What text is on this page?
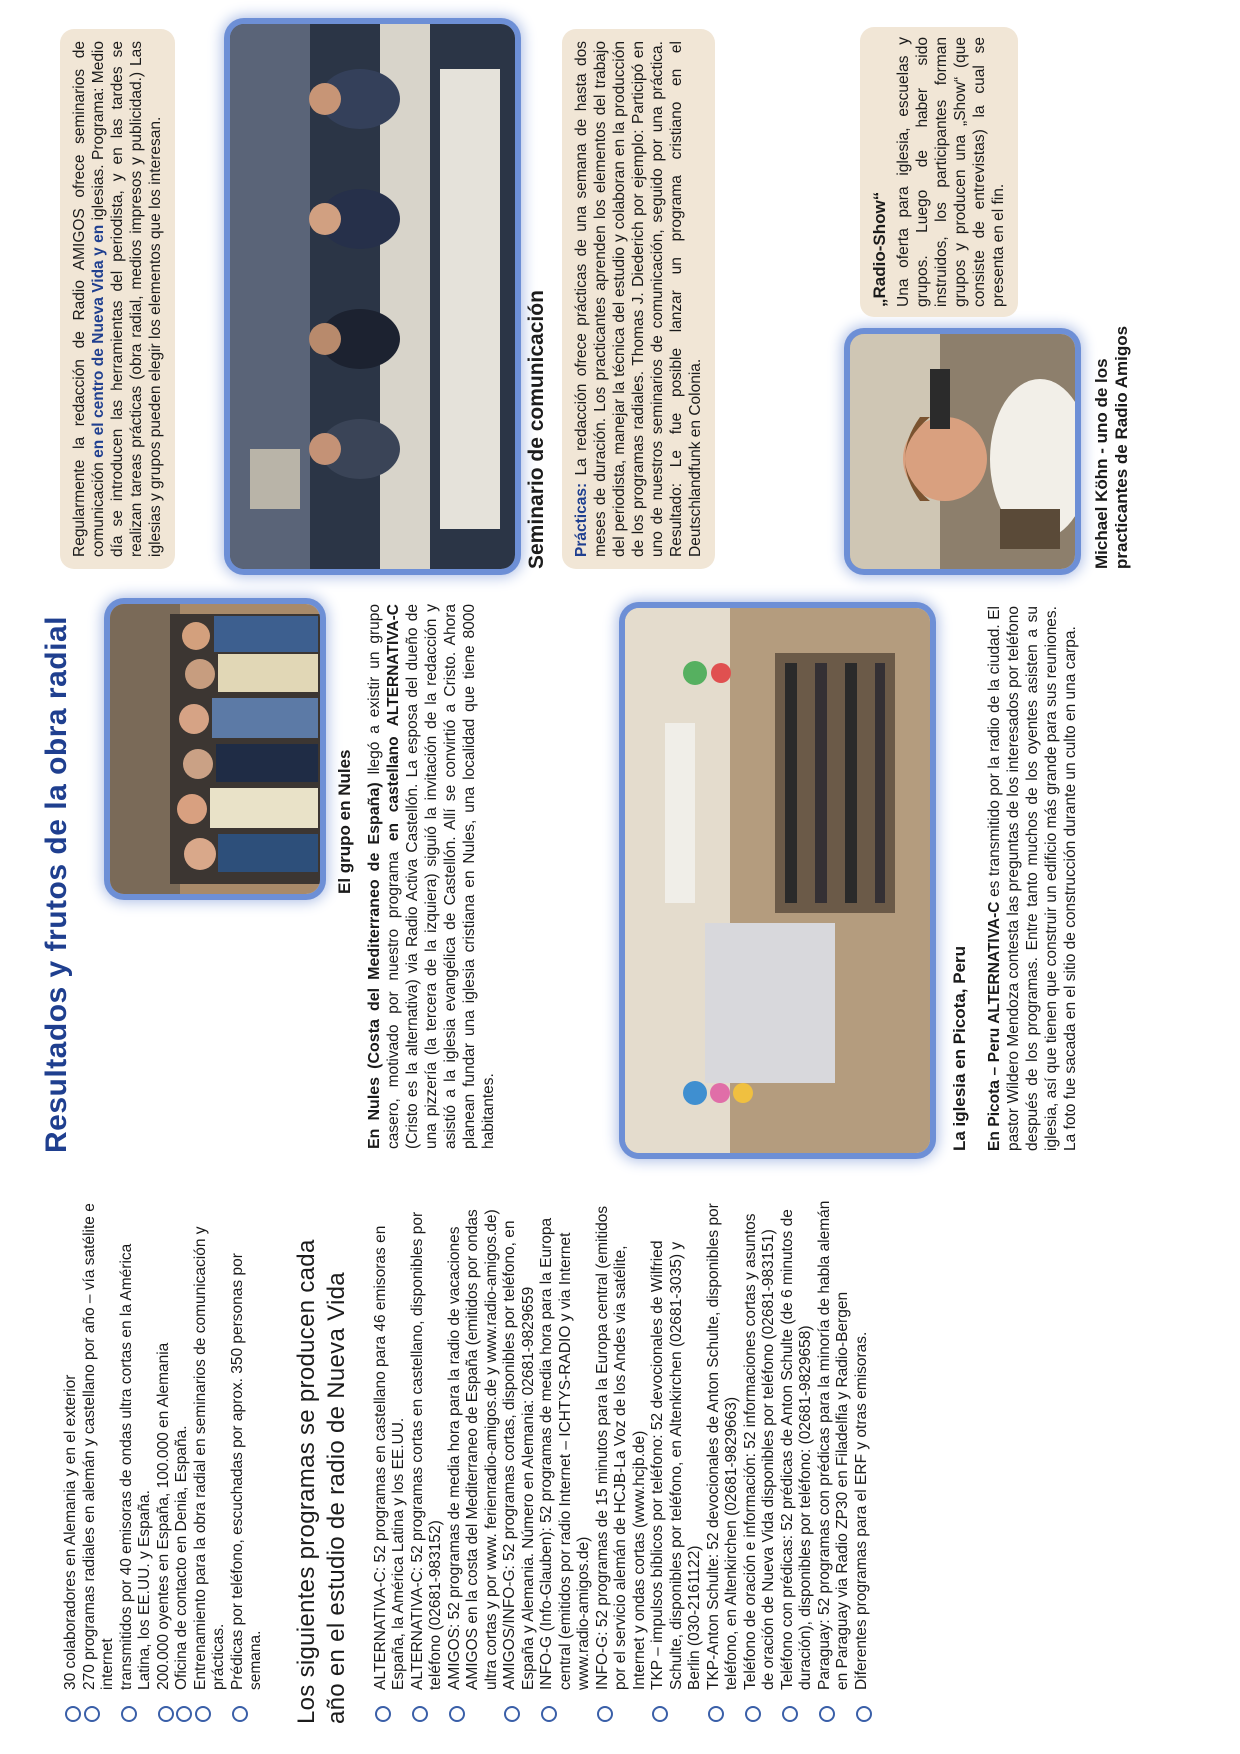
30 colaboradores en Alemania y en el exterior 270 programas radiales en alemán y castellano por año – vía satélite e internet transmitidos por 40 emisoras de ondas ultra cortas en la América Latina, los EE.UU. y España. 200.000 oyentes en España, 100.000 en Alemania Oficina de contacto en Denia, España. Entrenamiento para la obra radial en seminarios de comunicación y prácticas. Prédicas por teléfono, escuchadas por aprox. 350 personas por semana. Los siguientes programas se producen cada año en el estudio de radio de Nueva Vida ALTERNATIVA-C: 52 programas en castellano para 46 emisoras en España, la América Latina y los EE.UU. ALTERNATIVA-C: 52 programas cortas en castellano, disponibles por teléfono (02681-983152) AMIGOS: 52 programas de media hora para la radio de vacaciones AMIGOS en la costa del Mediterraneo de España (emitidos por ondas ultra cortas y por www. ferienradio-amigos.de y www.radio-amigos.de) AMIGOS/INFO-G: 52 programas cortas, disponibles por teléfono, en España y Alemania. Número en Alemania: 02681-9829659 INFO-G (Info-Glauben): 52 programas de media hora para la Europa central (emitidos por radio Internet – ICHTYS-RADIO y via Internet www.radio-amigos.de) INFO-G: 52 programas de 15 minutos para la Europa central (emitidos por el servicio alemán de HCJB-La Voz de los Andes via satélite, Internet y ondas cortas (www.hcjb.de) TKP – impulsos bíblicos por teléfono: 52 devocionales de Wilfried Schulte, disponibles por teléfono, en Altenkirchen (02681-3035) y Berlin (030-2161122) TKP-Anton Schulte: 52 devocionales de Anton Schulte, disponibles por teléfono, en Altenkirchen (02681-9829663) Teléfono de oración e información: 52 informaciones cortas y asuntos de oración de Nueva Vida disponibles por teléfono (02681-983151) Teléfono con prédicas: 52 prédicas de Anton Schulte (de 6 minutos de duración), disponibles por teléfono: (02681-9829658) Paraguay: 52 programas con prédicas para la minoría de habla alemán en Paraguay via Radio ZP30 en Filadelfia y Radio-Bergen Diferentes programas para el ERF y otras emisoras.
Resultados y frutos de la obra radial	El grupo en Nules En Nules (Costa del Mediterraneo de España) llegó a existir un grupo casero, motivado por nuestro programa en castellano ALTERNATIVA-C (Cristo es la alternativa) via Radio Activa Castellón. La esposa del dueño de una pizzería (la tercera de la izquiera) siguió la invitación de la redacción y asistió a la iglesia evangélica de Castellón. Allí se convirtió a Cristo. Ahora planean fundar una iglesia cristiana en Nules, una localidad que tiene 8000 habitantes.	La iglesia en Picota, Peru En Picota – Peru ALTERNATIVA-C es transmitido por la radio de la ciudad. El pastor Wildero Mendoza contesta las preguntas de los interesados por teléfono después de los programas. Entre tanto muchos de los oyentes asisten a su iglesia, así que tienen que construir un edificio más grande para sus reuniones. La foto fue sacada en el sitio de construcción durante un culto en una carpa.
Regularmente la redacción de Radio AMIGOS ofrece seminarios de comunicación en el centro de Nueva Vida y en iglesias. Programa: Medio día se introducen las herramientas del periodista, y en las tardes se realizan tareas prácticas (obra radial, medios impresos y publicidad.) Las iglesias y grupos pueden elegir los elementos que los interesan.	Seminario de comunicación	Prácticas: La redacción ofrece prácticas de una semana de hasta dos meses de duración. Los practicantes aprenden los elementos del trabajo del periodista, manejar la técnica del estudio y colaboran en la producción de los programas radiales. Thomas J. Diederich por ejemplo: Participó en uno de nuestros seminarios de comunicación, seguido por una práctica. Resultado: Le fue posible lanzar un programa cristiano en el Deutschlandfunk en Colonia.	Michael Köhn - uno de los practicantes de Radio Amigos
„Radio-Show“ Una oferta para iglesia, escuelas y grupos. Luego de haber sido instruidos, los participantes forman grupos y producen una „Show“ (que consiste de entrevistas) la cual se presenta en el fin.
